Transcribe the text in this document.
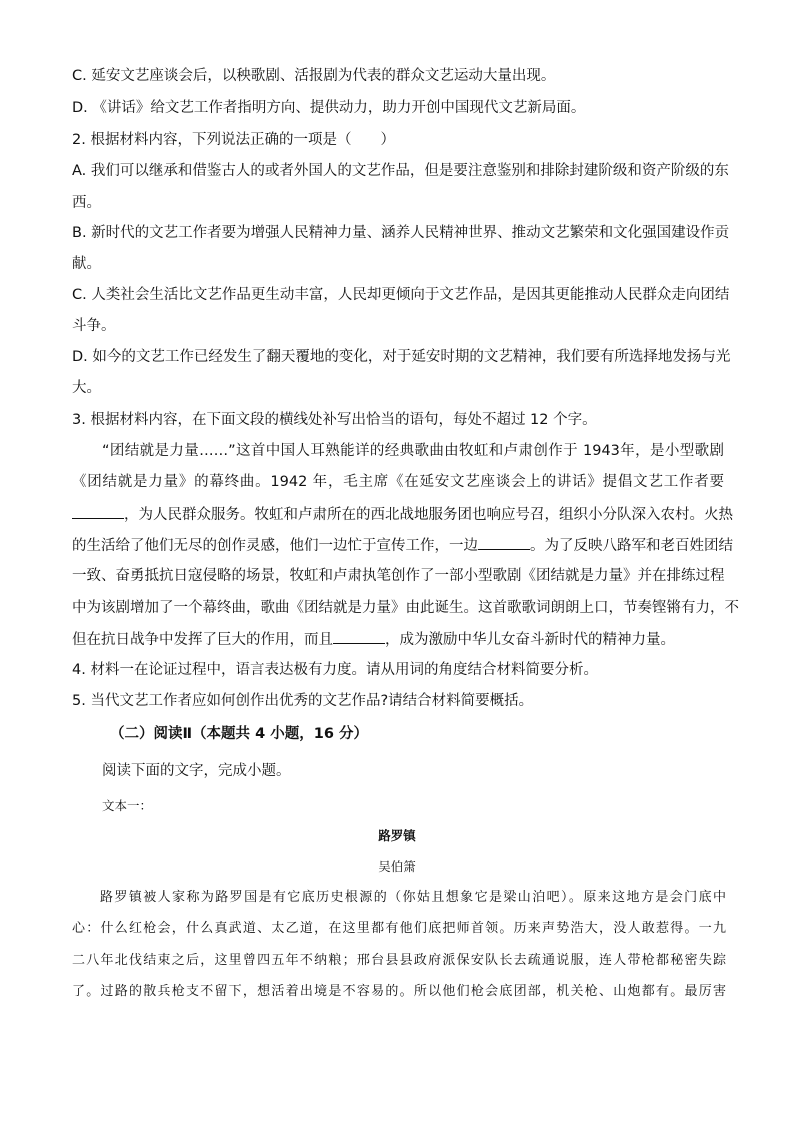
C. 延安文艺座谈会后，以秧歌剧、活报剧为代表的群众文艺运动大量出现。
D. 《讲话》给文艺工作者指明方向、提供动力，助力开创中国现代文艺新局面。
2. 根据材料内容，下列说法正确的一项是（　　）
A. 我们可以继承和借鉴古人的或者外国人的文艺作品，但是要注意鉴别和排除封建阶级和资产阶级的东
西。
B. 新时代的文艺工作者要为增强人民精神力量、涵养人民精神世界、推动文艺繁荣和文化强国建设作贡
献。
C. 人类社会生活比文艺作品更生动丰富，人民却更倾向于文艺作品，是因其更能推动人民群众走向团结
斗争。
D. 如今的文艺工作已经发生了翻天覆地的变化，对于延安时期的文艺精神，我们要有所选择地发扬与光
大。
3. 根据材料内容，在下面文段的横线处补写出恰当的语句，每处不超过 12 个字。
“团结就是力量……”这首中国人耳熟能详的经典歌曲由牧虹和卢肃创作于 1943年，是小型歌剧
《团结就是力量》的幕终曲。1942 年，毛主席《在延安文艺座谈会上的讲话》提倡文艺工作者要
，为人民群众服务。牧虹和卢肃所在的西北战地服务团也响应号召，组织小分队深入农村。火热
的生活给了他们无尽的创作灵感，他们一边忙于宣传工作，一边	。为了反映八路军和老百姓团结
一致、奋勇抵抗日寇侵略的场景，牧虹和卢肃执笔创作了一部小型歌剧《团结就是力量》并在排练过程
中为该剧增加了一个幕终曲，歌曲《团结就是力量》由此诞生。这首歌歌词朗朗上口，节奏铿锵有力，不
但在抗日战争中发挥了巨大的作用，而且	，成为激励中华儿女奋斗新时代的精神力量。
4. 材料一在论证过程中，语言表达极有力度。请从用词的角度结合材料简要分析。
5. 当代文艺工作者应如何创作出优秀的文艺作品?请结合材料简要概括。
（二）阅读Ⅱ（本题共 4 小题，16 分）
阅读下面的文字，完成小题。
文本一：
路罗镇
吴伯箫
路罗镇被人家称为路罗国是有它底历史根源的（你姑且想象它是梁山泊吧）。原来这地方是会门底中
心：什么红枪会，什么真武道、太乙道，在这里都有他们底把师首领。历来声势浩大，没人敢惹得。一九
二八年北伐结束之后，这里曾四五年不纳粮；邢台县县政府派保安队长去疏通说服，连人带枪都秘密失踪
了。过路的散兵枪支不留下，想活着出境是不容易的。所以他们枪会底团部，机关枪、山炮都有。最厉害
